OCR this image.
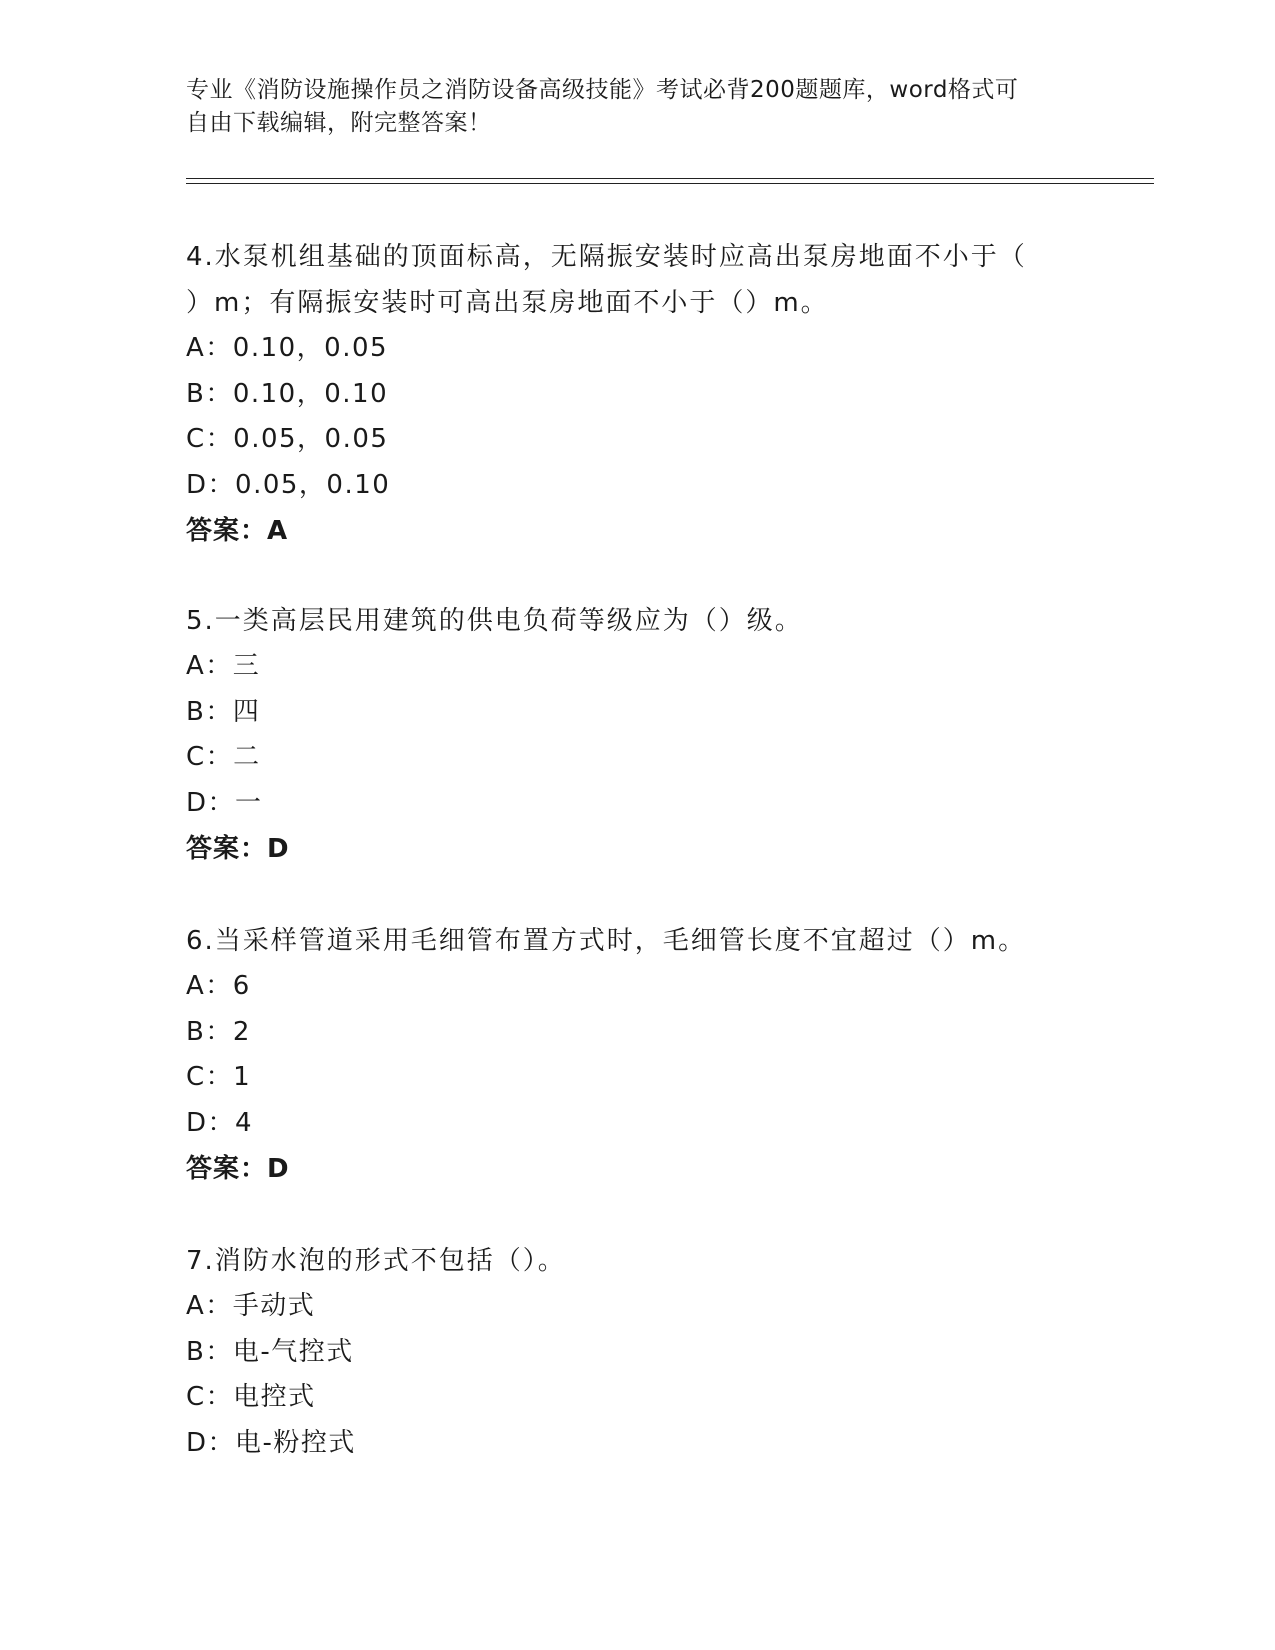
专业《消防设施操作员之消防设备高级技能》考试必背200题题库，word格式可
自由下载编辑，附完整答案！
4.水泵机组基础的顶面标高，无隔振安装时应高出泵房地面不小于（
）m；有隔振安装时可高出泵房地面不小于（）m。
A：0.10，0.05
B：0.10，0.10
C：0.05，0.05
D：0.05，0.10
答案：A
5.一类高层民用建筑的供电负荷等级应为（）级。
A：三
B：四
C：二
D：一
答案：D
6.当采样管道采用毛细管布置方式时，毛细管长度不宜超过（）m。
A：6
B：2
C：1
D：4
答案：D
7.消防水泡的形式不包括（）。
A：手动式
B：电-气控式
C：电控式
D：电-粉控式
